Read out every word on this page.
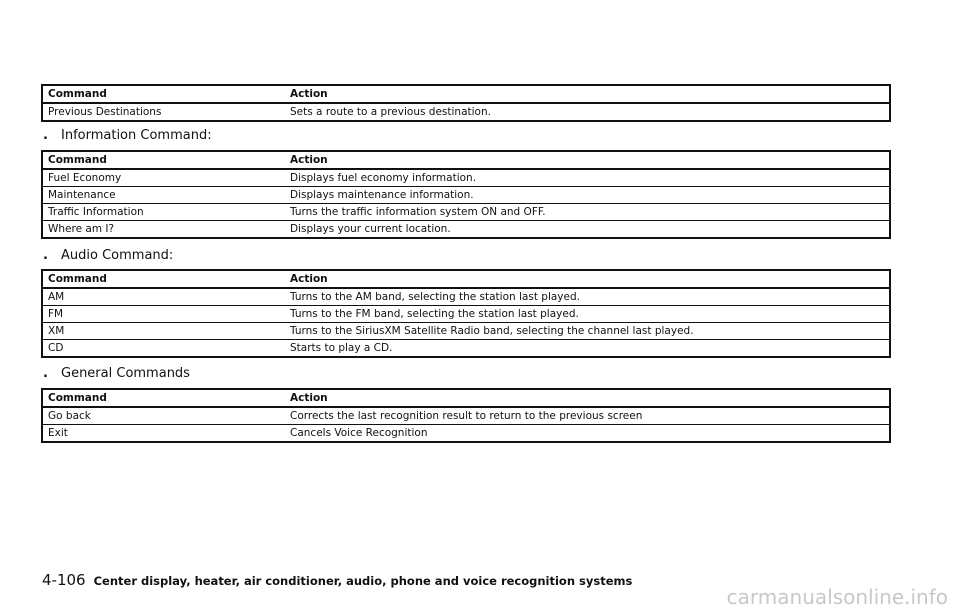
Command	Action
Previous Destinations	Sets a route to a previous destination.
. Information Command:
Command	Action
Fuel Economy	Displays fuel economy information.
Maintenance	Displays maintenance information.
Traffic Information	Turns the traffic information system ON and OFF.
Where am I?	Displays your current location.
. Audio Command:
Command	Action
AM	Turns to the AM band, selecting the station last played.
FM	Turns to the FM band, selecting the station last played.
XM	Turns to the SiriusXM Satellite Radio band, selecting the channel last played.
CD	Starts to play a CD.
. General Commands
Command	Action
Go back	Corrects the last recognition result to return to the previous screen
Exit	Cancels Voice Recognition
4-106 Center display, heater, air conditioner, audio, phone and voice recognition systems
carmanualsonline.info
